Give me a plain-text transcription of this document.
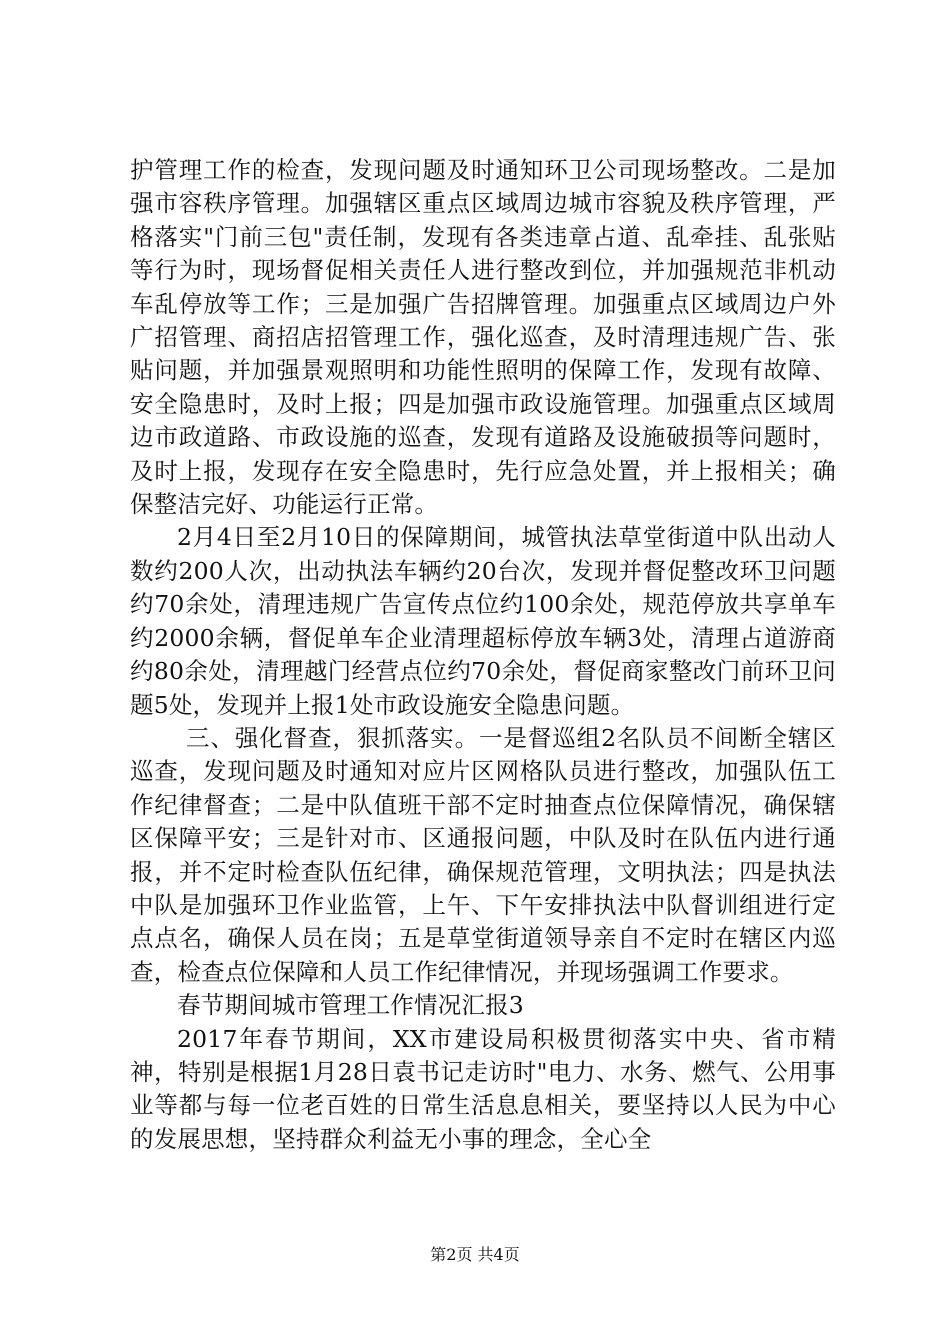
护管理工作的检查，发现问题及时通知环卫公司现场整改。二是加强市容秩序管理。加强辖区重点区域周边城市容貌及秩序管理，严格落实"门前三包"责任制，发现有各类违章占道、乱牵挂、乱张贴等行为时，现场督促相关责任人进行整改到位，并加强规范非机动车乱停放等工作；三是加强广告招牌管理。加强重点区域周边户外广招管理、商招店招管理工作，强化巡查，及时清理违规广告、张贴问题，并加强景观照明和功能性照明的保障工作，发现有故障、安全隐患时，及时上报；四是加强市政设施管理。加强重点区域周边市政道路、市政设施的巡查，发现有道路及设施破损等问题时，及时上报，发现存在安全隐患时，先行应急处置，并上报相关；确保整洁完好、功能运行正常。

2月4日至2月10日的保障期间，城管执法草堂街道中队出动人数约200人次，出动执法车辆约20台次，发现并督促整改环卫问题约70余处，清理违规广告宣传点位约100余处，规范停放共享单车约2000余辆，督促单车企业清理超标停放车辆3处，清理占道游商约80余处，清理越门经营点位约70余处，督促商家整改门前环卫问题5处，发现并上报1处市政设施安全隐患问题。

三、强化督查，狠抓落实。一是督巡组2名队员不间断全辖区巡查，发现问题及时通知对应片区网格队员进行整改，加强队伍工作纪律督查；二是中队值班干部不定时抽查点位保障情况，确保辖区保障平安；三是针对市、区通报问题，中队及时在队伍内进行通报，并不定时检查队伍纪律，确保规范管理，文明执法；四是执法中队是加强环卫作业监管，上午、下午安排执法中队督训组进行定点点名，确保人员在岗；五是草堂街道领导亲自不定时在辖区内巡查，检查点位保障和人员工作纪律情况，并现场强调工作要求。

春节期间城市管理工作情况汇报3

2017年春节期间，XX市建设局积极贯彻落实中央、省市精神，特别是根据1月28日袁书记走访时"电力、水务、燃气、公用事业等都与每一位老百姓的日常生活息息相关，要坚持以人民为中心的发展思想，坚持群众利益无小事的理念，全心全

第2页 共4页
